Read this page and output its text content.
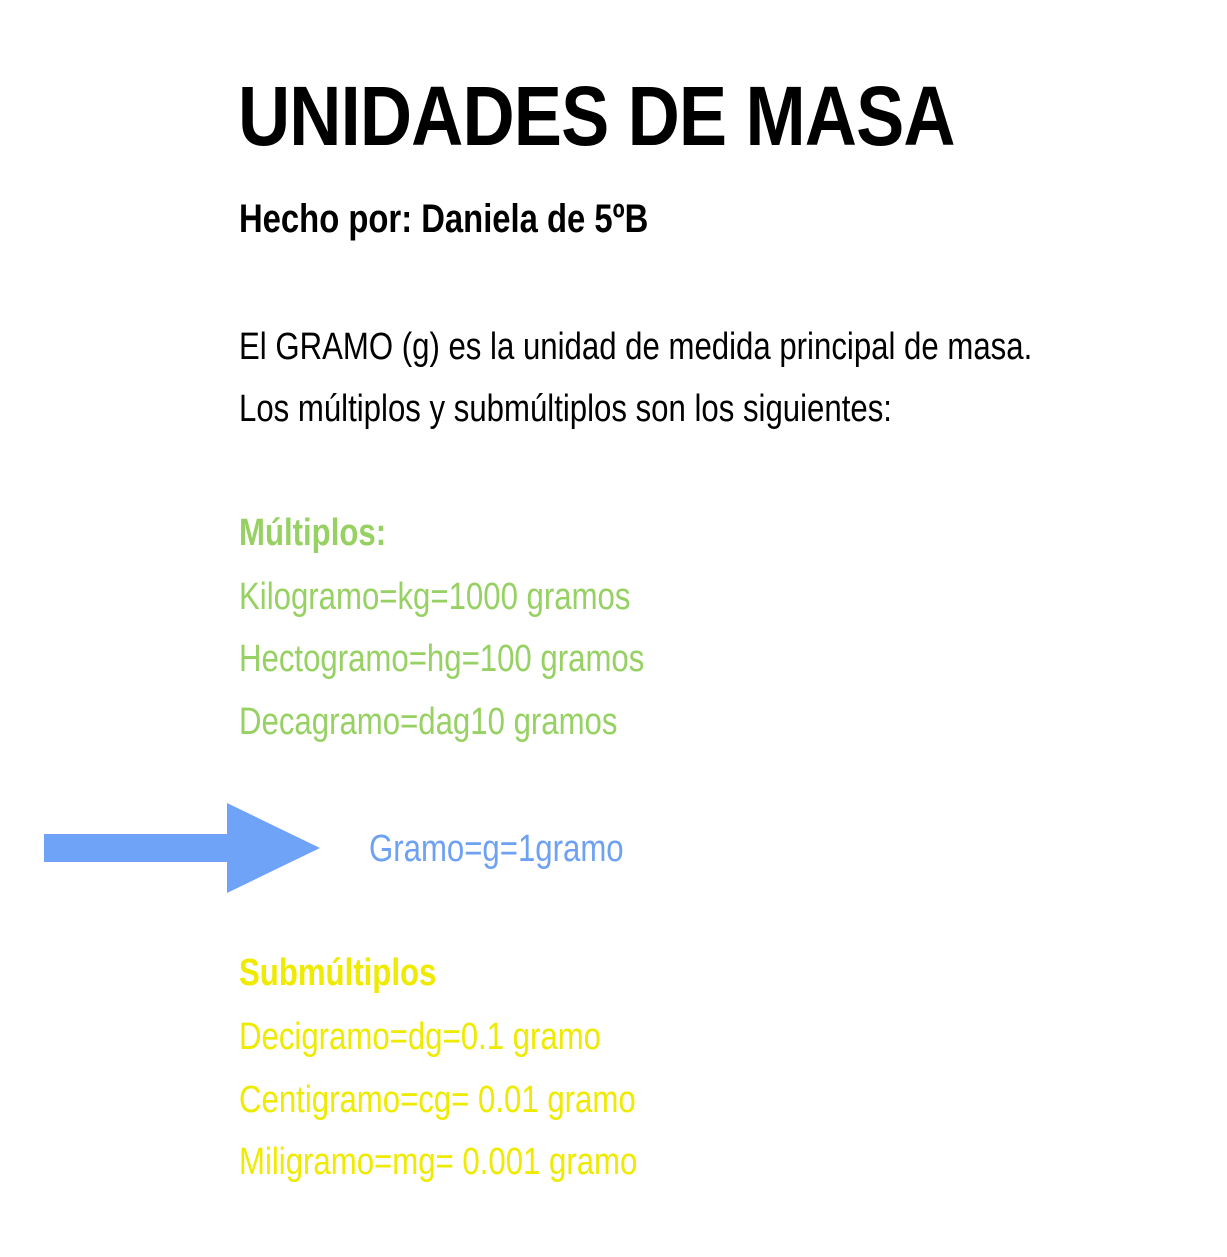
UNIDADES DE MASA

Hecho por: Daniela de 5ºB

El GRAMO (g) es la unidad de medida principal de masa.

Los múltiplos y submúltiplos son los siguientes:

Múltiplos:

Kilogramo=kg=1000 gramos

Hectogramo=hg=100 gramos

Decagramo=dag10 gramos

Gramo=g=1gramo

Submúltiplos

Decigramo=dg=0.1 gramo

Centigramo=cg= 0.01 gramo

Miligramo=mg= 0.001 gramo
